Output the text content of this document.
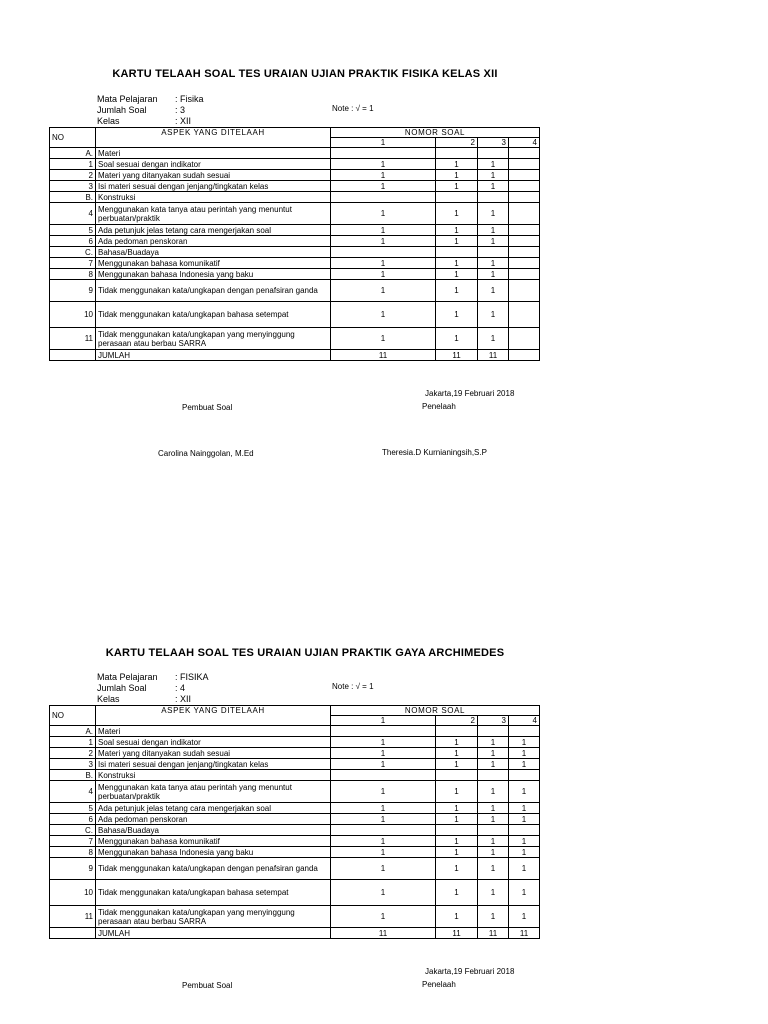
KARTU TELAAH SOAL TES URAIAN UJIAN PRAKTIK FISIKA KELAS XII
Mata Pelajaran : Fisika
Jumlah Soal	: 3
Kelas	: XII
Note : √ = 1
NO	ASPEK YANG DITELAAH	NOMOR SOAL			
		1	2	3	4
A.	Materi				
1	Soal sesuai dengan indikator	1	1	1	
2	Materi yang ditanyakan sudah sesuai	1	1	1	
3	Isi materi sesuai dengan jenjang/tingkatan kelas	1	1	1	
B.	Konstruksi				
4	Menggunakan kata tanya atau perintah yang menuntut perbuatan/praktik	1	1	1	
5	Ada petunjuk jelas tetang cara mengerjakan soal	1	1	1	
6	Ada pedoman penskoran	1	1	1	
C.	Bahasa/Buadaya				
7	Menggunakan bahasa komunikatif	1	1	1	
8	Menggunakan bahasa Indonesia yang baku	1	1	1	
9	Tidak menggunakan kata/ungkapan dengan penafsiran ganda	1	1	1	
10	Tidak menggunakan kata/ungkapan bahasa setempat	1	1	1	
11	Tidak menggunakan kata/ungkapan yang menyinggung perasaan atau berbau SARRA	1	1	1	
	JUMLAH	11	11	11	
Jakarta,19 Februari 2018
Pembuat Soal	Penelaah
Carolina Nainggolan, M.Ed	Theresia.D Kurnianingsih,S.P
KARTU TELAAH SOAL TES URAIAN UJIAN PRAKTIK GAYA ARCHIMEDES
Mata Pelajaran : FISIKA
Jumlah Soal	: 4
Kelas	: XII
Note : √ = 1
NO	ASPEK YANG DITELAAH	NOMOR SOAL			
		1	2	3	4
A.	Materi				
1	Soal sesuai dengan indikator	1	1	1	1
2	Materi yang ditanyakan sudah sesuai	1	1	1	1
3	Isi materi sesuai dengan jenjang/tingkatan kelas	1	1	1	1
B.	Konstruksi				
4	Menggunakan kata tanya atau perintah yang menuntut perbuatan/praktik	1	1	1	1
5	Ada petunjuk jelas tetang cara mengerjakan soal	1	1	1	1
6	Ada pedoman penskoran	1	1	1	1
C.	Bahasa/Buadaya				
7	Menggunakan bahasa komunikatif	1	1	1	1
8	Menggunakan bahasa Indonesia yang baku	1	1	1	1
9	Tidak menggunakan kata/ungkapan dengan penafsiran ganda	1	1	1	1
10	Tidak menggunakan kata/ungkapan bahasa setempat	1	1	1	1
11	Tidak menggunakan kata/ungkapan yang menyinggung perasaan atau berbau SARRA	1	1	1	1
	JUMLAH	11	11	11	11
Jakarta,19 Februari 2018
Pembuat Soal	Penelaah
